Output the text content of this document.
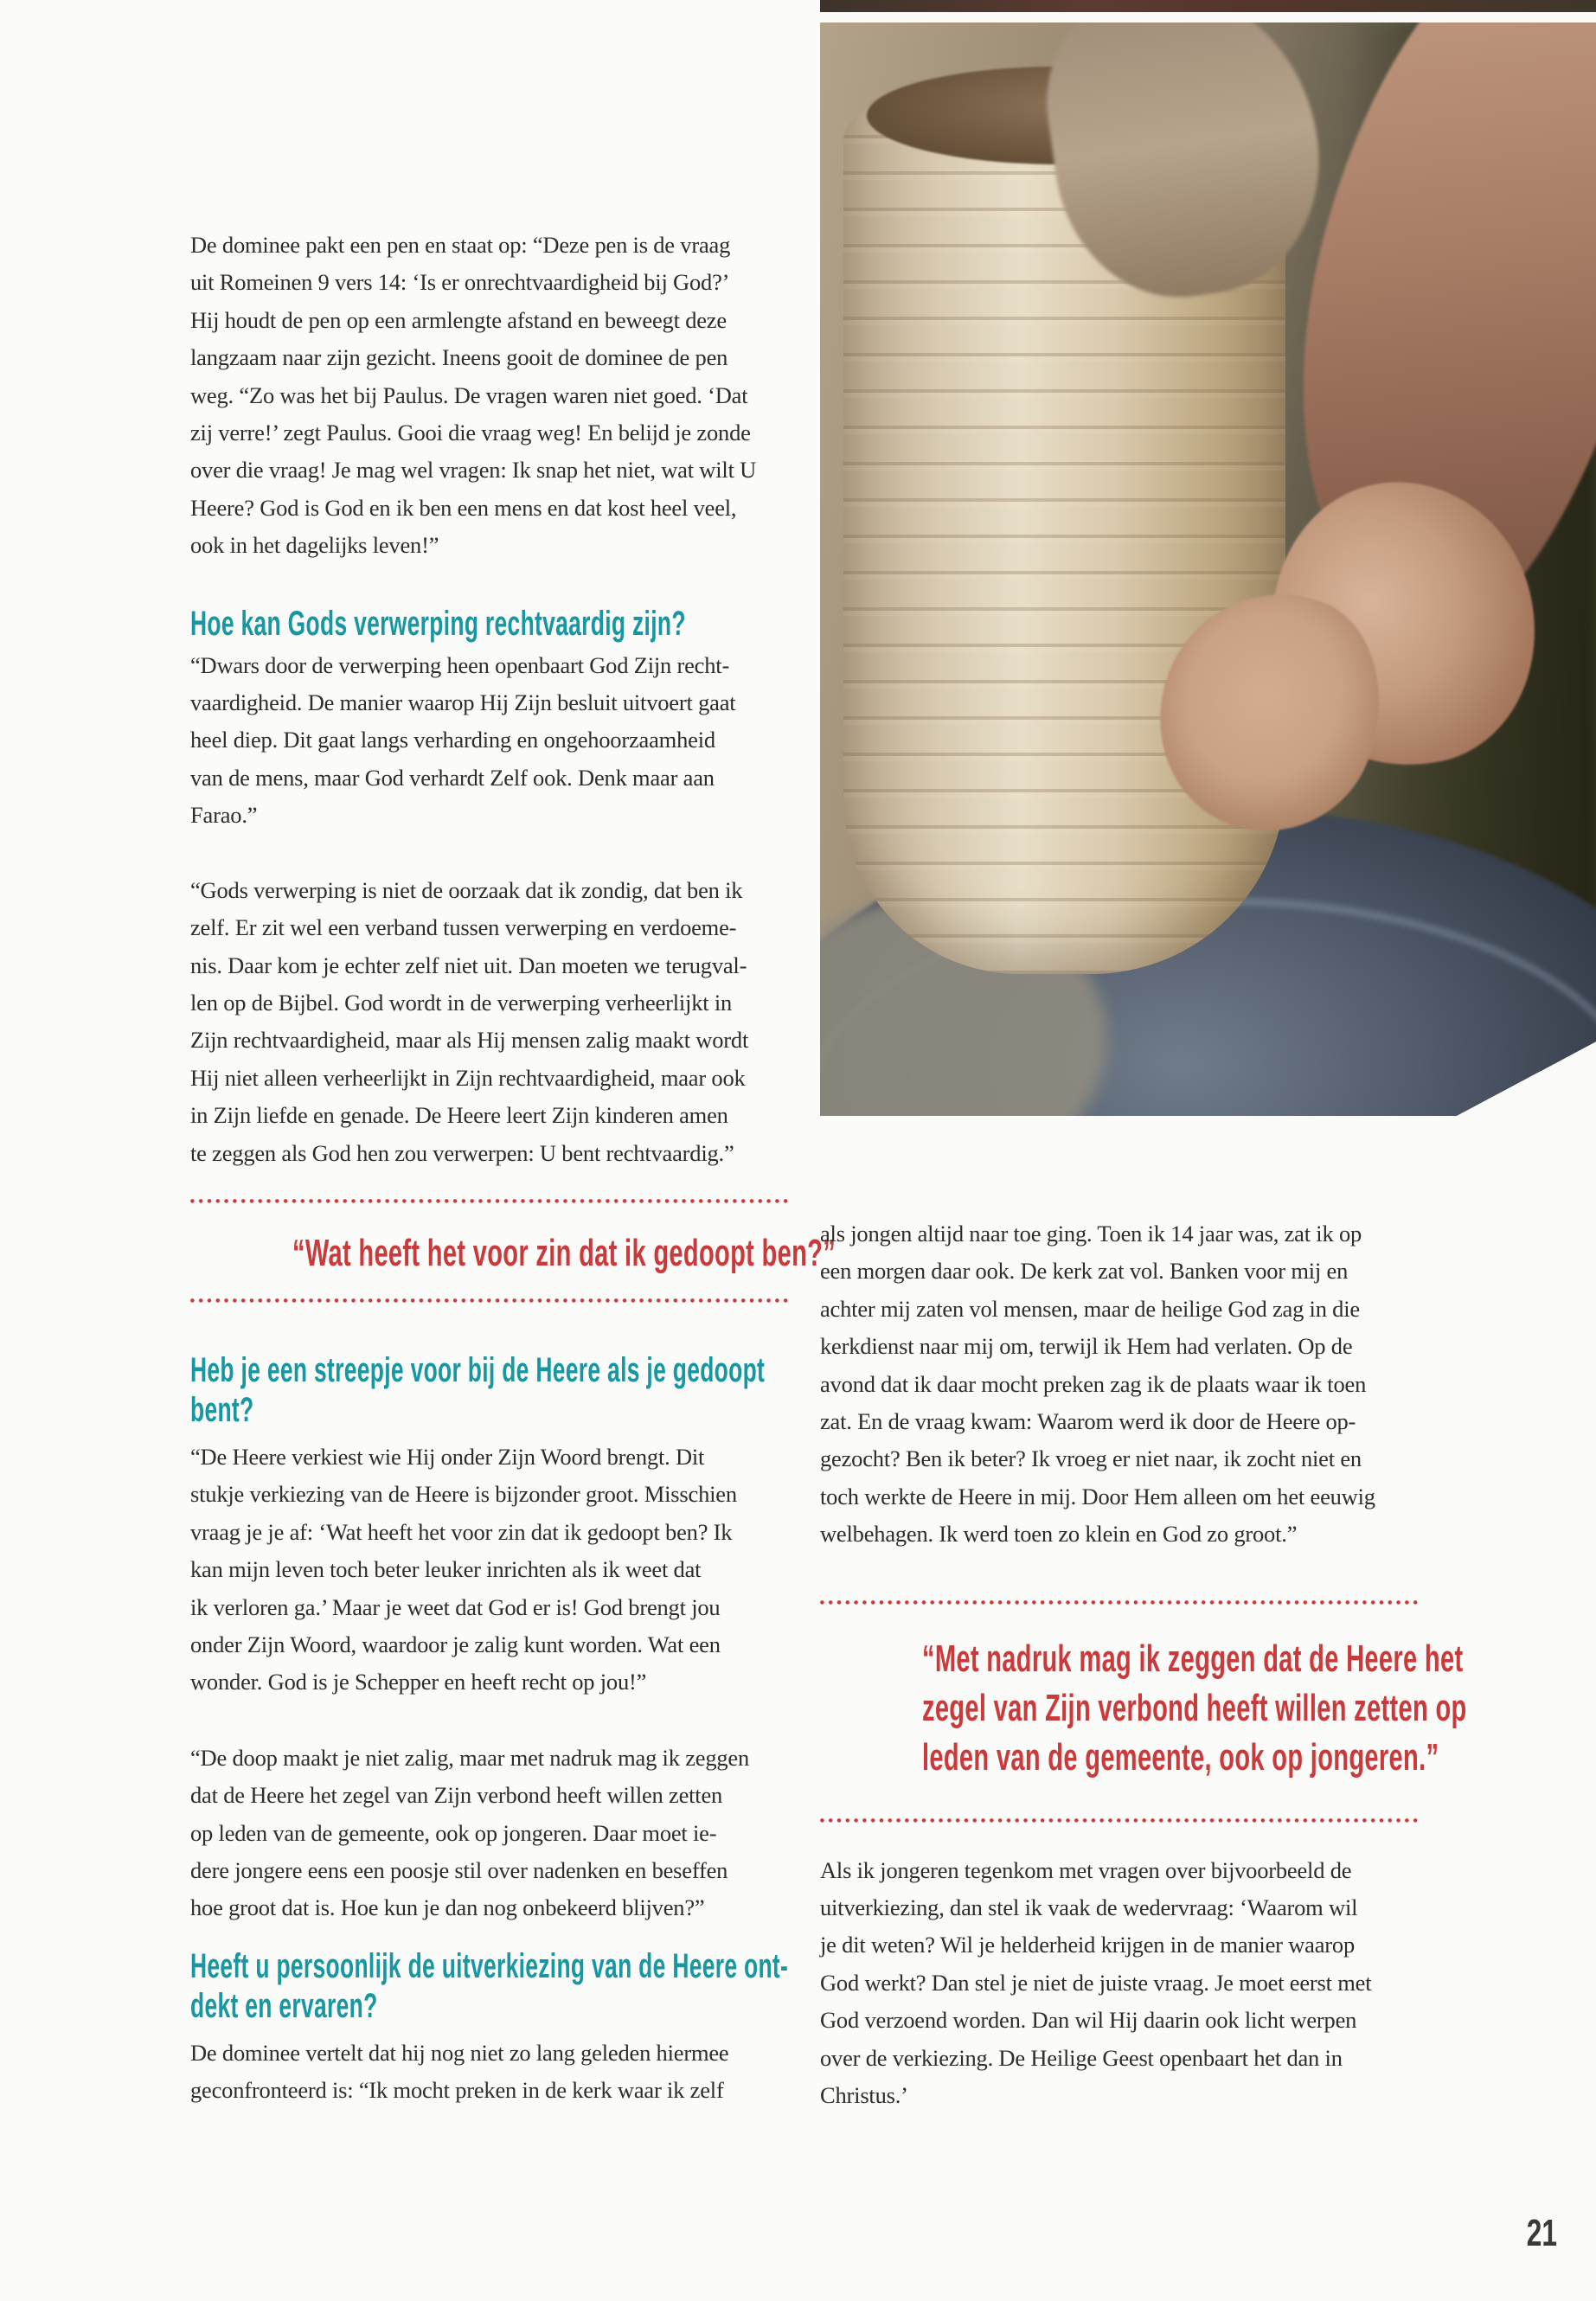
De dominee pakt een pen en staat op: “Deze pen is de vraag
uit Romeinen 9 vers 14: ‘Is er onrechtvaardigheid bij God?’
Hij houdt de pen op een armlengte afstand en beweegt deze
langzaam naar zijn gezicht. Ineens gooit de dominee de pen
weg. “Zo was het bij Paulus. De vragen waren niet goed. ‘Dat
zij verre!’ zegt Paulus. Gooi die vraag weg! En belijd je zonde
over die vraag! Je mag wel vragen: Ik snap het niet, wat wilt U
Heere? God is God en ik ben een mens en dat kost heel veel,
ook in het dagelijks leven!”
Hoe kan Gods verwerping rechtvaardig zijn?
“Dwars door de verwerping heen openbaart God Zijn recht-
vaardigheid. De manier waarop Hij Zijn besluit uitvoert gaat
heel diep. Dit gaat langs verharding en ongehoorzaamheid
van de mens, maar God verhardt Zelf ook. Denk maar aan
Farao.”
“Gods verwerping is niet de oorzaak dat ik zondig, dat ben ik
zelf. Er zit wel een verband tussen verwerping en verdoeme-
nis. Daar kom je echter zelf niet uit. Dan moeten we terugval-
len op de Bijbel. God wordt in de verwerping verheerlijkt in
Zijn rechtvaardigheid, maar als Hij mensen zalig maakt wordt
Hij niet alleen verheerlijkt in Zijn rechtvaardigheid, maar ook
in Zijn liefde en genade. De Heere leert Zijn kinderen amen
te zeggen als God hen zou verwerpen: U bent rechtvaardig.”
“Wat heeft het voor zin dat ik gedoopt ben?”
Heb je een streepje voor bij de Heere als je gedoopt
bent?
“De Heere verkiest wie Hij onder Zijn Woord brengt. Dit
stukje verkiezing van de Heere is bijzonder groot. Misschien
vraag je je af: ‘Wat heeft het voor zin dat ik gedoopt ben? Ik
kan mijn leven toch beter leuker inrichten als ik weet dat
ik verloren ga.’ Maar je weet dat God er is! God brengt jou
onder Zijn Woord, waardoor je zalig kunt worden. Wat een
wonder. God is je Schepper en heeft recht op jou!”
“De doop maakt je niet zalig, maar met nadruk mag ik zeggen
dat de Heere het zegel van Zijn verbond heeft willen zetten
op leden van de gemeente, ook op jongeren. Daar moet ie-
dere jongere eens een poosje stil over nadenken en beseffen
hoe groot dat is. Hoe kun je dan nog onbekeerd blijven?”
Heeft u persoonlijk de uitverkiezing van de Heere ont-
dekt en ervaren?
De dominee vertelt dat hij nog niet zo lang geleden hiermee
geconfronteerd is: “Ik mocht preken in de kerk waar ik zelf
als jongen altijd naar toe ging. Toen ik 14 jaar was, zat ik op
een morgen daar ook. De kerk zat vol. Banken voor mij en
achter mij zaten vol mensen, maar de heilige God zag in die
kerkdienst naar mij om, terwijl ik Hem had verlaten. Op de
avond dat ik daar mocht preken zag ik de plaats waar ik toen
zat. En de vraag kwam: Waarom werd ik door de Heere op-
gezocht? Ben ik beter? Ik vroeg er niet naar, ik zocht niet en
toch werkte de Heere in mij. Door Hem alleen om het eeuwig
welbehagen. Ik werd toen zo klein en God zo groot.”
“Met nadruk mag ik zeggen dat de Heere het
zegel van Zijn verbond heeft willen zetten op
leden van de gemeente, ook op jongeren.”
Als ik jongeren tegenkom met vragen over bijvoorbeeld de
uitverkiezing, dan stel ik vaak de wedervraag: ‘Waarom wil
je dit weten? Wil je helderheid krijgen in de manier waarop
God werkt? Dan stel je niet de juiste vraag. Je moet eerst met
God verzoend worden. Dan wil Hij daarin ook licht werpen
over de verkiezing. De Heilige Geest openbaart het dan in
Christus.’
21
